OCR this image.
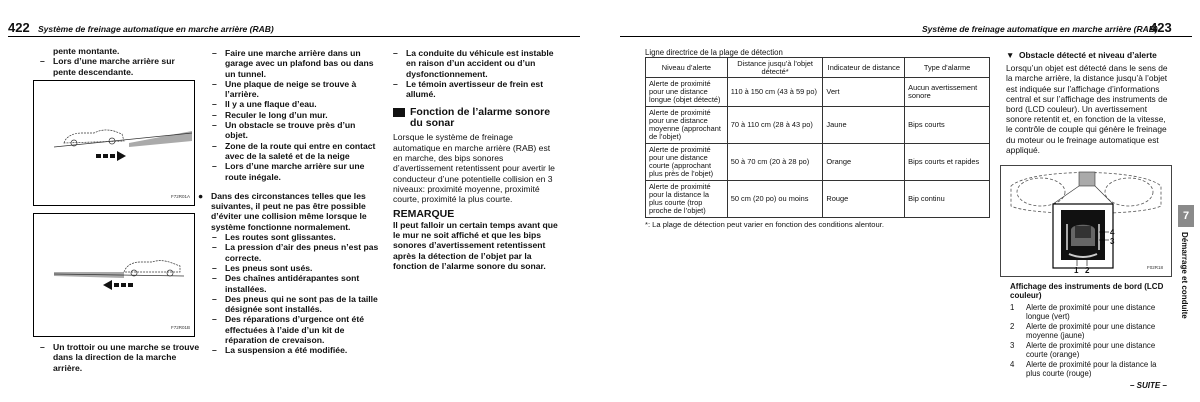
422 Système de freinage automatique en marche arrière (RAB)
pente montante.
– Lors d’une marche arrière sur pente descendante.
F72R01A
F72R01B
– Un trottoir ou une marche se trouve dans la direction de la marche arrière.
– Faire une marche arrière dans un garage avec un plafond bas ou dans un tunnel.
– Une plaque de neige se trouve à l’arrière.
– Il y a une flaque d’eau.
– Reculer le long d’un mur.
– Un obstacle se trouve près d’un objet.
– Zone de la route qui entre en contact avec de la saleté et de la neige
– Lors d’une marche arrière sur une route inégale.
● Dans des circonstances telles que les suivantes, il peut ne pas être possible d’éviter une collision même lorsque le système fonctionne normalement.
– Les routes sont glissantes.
– La pression d’air des pneus n’est pas correcte.
– Les pneus sont usés.
– Des chaînes antidérapantes sont installées.
– Des pneus qui ne sont pas de la taille désignée sont installés.
– Des réparations d’urgence ont été effectuées à l’aide d’un kit de réparation de crevaison.
– La suspension a été modifiée.
– La conduite du véhicule est instable en raison d’un accident ou d’un dysfonctionnement.
– Le témoin avertisseur de frein est allumé.
Fonction de l’alarme sonore du sonar
Lorsque le système de freinage automatique en marche arrière (RAB) est en marche, des bips sonores d’avertissement retentissent pour avertir le conducteur d’une potentielle collision en 3 niveaux: proximité moyenne, proximité courte, proximité la plus courte.
REMARQUE
Il peut falloir un certain temps avant que le mur ne soit affiché et que les bips sonores d’avertissement retentissent après la détection de l’objet par la fonction de l’alarme sonore du sonar.
Système de freinage automatique en marche arrière (RAB)
423
Ligne directrice de la plage de détection
Niveau d’alerte	Distance jusqu’à l’objet détecté*	Indicateur de distance	Type d’alarme
Alerte de proximité pour une distance longue (objet détecté)	110 à 150 cm (43 à 59 po)	Vert	Aucun avertissement sonore
Alerte de proximité pour une distance moyenne (approchant de l’objet)	70 à 110 cm (28 à 43 po)	Jaune	Bips courts
Alerte de proximité pour une distance courte (approchant plus près de l’objet)	50 à 70 cm (20 à 28 po)	Orange	Bips courts et rapides
Alerte de proximité pour la distance la plus courte (trop proche de l’objet)	50 cm (20 po) ou moins	Rouge	Bip continu
*: La plage de détection peut varier en fonction des conditions alentour.
▼ Obstacle détecté et niveau d’alerte
Lorsqu’un objet est détecté dans le sens de la marche arrière, la distance jusqu’à l’objet est indiquée sur l’affichage d’informations central et sur l’affichage des instruments de bord (LCD couleur). Un avertissement sonore retentit et, en fonction de la vitesse, le contrôle de couple qui génère le freinage du moteur ou le freinage automatique est appliqué.
4
3
1 2	F02R18
Affichage des instruments de bord (LCD couleur)
1	Alerte de proximité pour une distance longue (vert)
2	Alerte de proximité pour une distance moyenne (jaune)
3	Alerte de proximité pour une distance courte (orange)
4	Alerte de proximité pour la distance la plus courte (rouge)
7
Démarrage et conduite
– SUITE –
